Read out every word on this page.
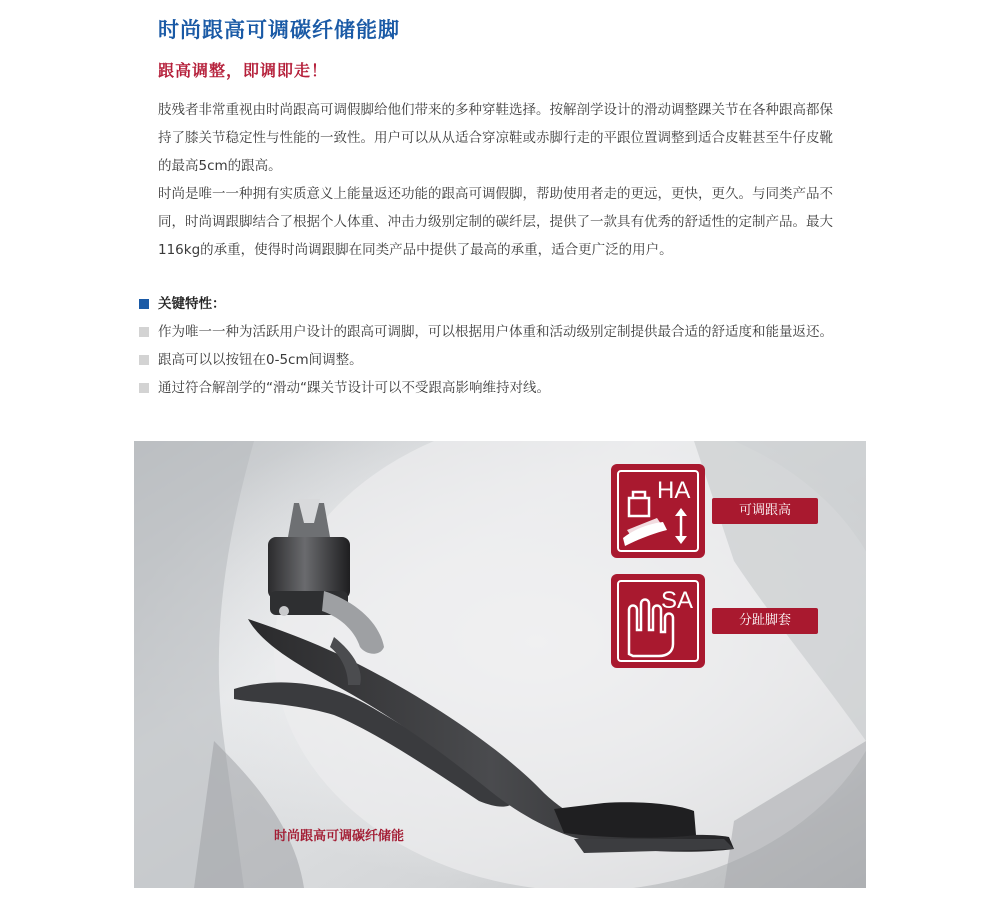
时尚跟高可调碳纤储能脚
跟高调整，即调即走！

肢残者非常重视由时尚跟高可调假脚给他们带来的多种穿鞋选择。按解剖学设计的滑动调整踝关节在各种跟高都保持了膝关节稳定性与性能的一致性。用户可以从从适合穿凉鞋或赤脚行走的平跟位置调整到适合皮鞋甚至牛仔皮靴的最高5cm的跟高。

时尚是唯一一种拥有实质意义上能量返还功能的跟高可调假脚，帮助使用者走的更远，更快，更久。与同类产品不同，时尚调跟脚结合了根据个人体重、冲击力级别定制的碳纤层，提供了一款具有优秀的舒适性的定制产品。最大116kg的承重，使得时尚调跟脚在同类产品中提供了最高的承重，适合更广泛的用户。

关键特性：
作为唯一一种为活跃用户设计的跟高可调脚，可以根据用户体重和活动级别定制提供最合适的舒适度和能量返还。
跟高可以以按钮在0-5cm间调整。
通过符合解剖学的“滑动“踝关节设计可以不受跟高影响维持对线。
HA
SA
可调跟高
分趾脚套
时尚跟高可调碳纤储能
